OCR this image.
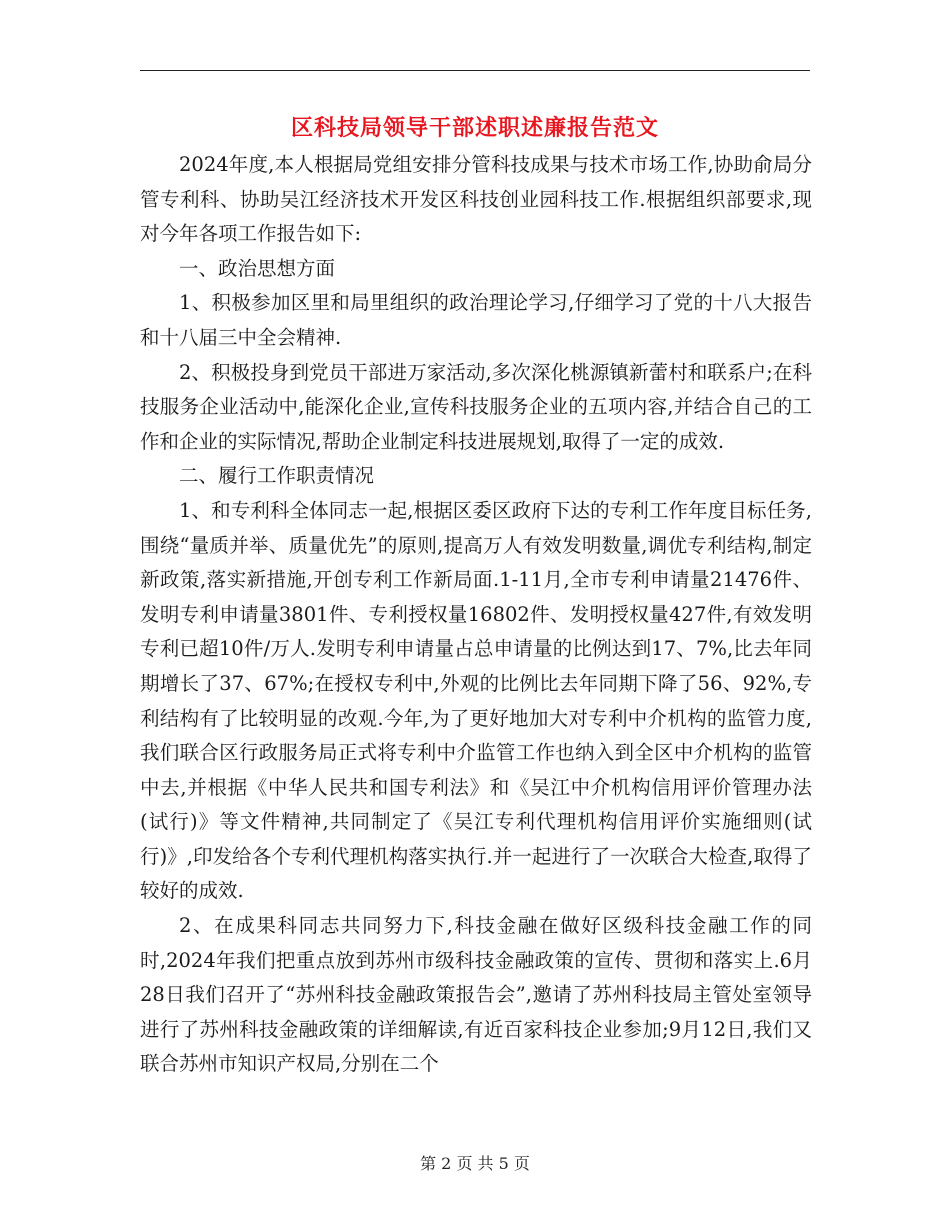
区科技局领导干部述职述廉报告范文

2024年度,本人根据局党组安排分管科技成果与技术市场工作,协助俞局分管专利科、协助吴江经济技术开发区科技创业园科技工作.根据组织部要求,现对今年各项工作报告如下:

一、政治思想方面

1、积极参加区里和局里组织的政治理论学习,仔细学习了党的十八大报告和十八届三中全会精神.

2、积极投身到党员干部进万家活动,多次深化桃源镇新蕾村和联系户;在科技服务企业活动中,能深化企业,宣传科技服务企业的五项内容,并结合自己的工作和企业的实际情况,帮助企业制定科技进展规划,取得了一定的成效.

二、履行工作职责情况

1、和专利科全体同志一起,根据区委区政府下达的专利工作年度目标任务,围绕“量质并举、质量优先”的原则,提高万人有效发明数量,调优专利结构,制定新政策,落实新措施,开创专利工作新局面.1-11月,全市专利申请量21476件、发明专利申请量3801件、专利授权量16802件、发明授权量427件,有效发明专利已超10件/万人.发明专利申请量占总申请量的比例达到17、7%,比去年同期增长了37、67%;在授权专利中,外观的比例比去年同期下降了56、92%,专利结构有了比较明显的改观.今年,为了更好地加大对专利中介机构的监管力度,我们联合区行政服务局正式将专利中介监管工作也纳入到全区中介机构的监管中去,并根据《中华人民共和国专利法》和《吴江中介机构信用评价管理办法(试行)》等文件精神,共同制定了《吴江专利代理机构信用评价实施细则(试行)》,印发给各个专利代理机构落实执行.并一起进行了一次联合大检查,取得了较好的成效.

2、在成果科同志共同努力下,科技金融在做好区级科技金融工作的同时,2024年我们把重点放到苏州市级科技金融政策的宣传、贯彻和落实上.6月28日我们召开了“苏州科技金融政策报告会”,邀请了苏州科技局主管处室领导进行了苏州科技金融政策的详细解读,有近百家科技企业参加;9月12日,我们又联合苏州市知识产权局,分别在二个

第 2 页 共 5 页
